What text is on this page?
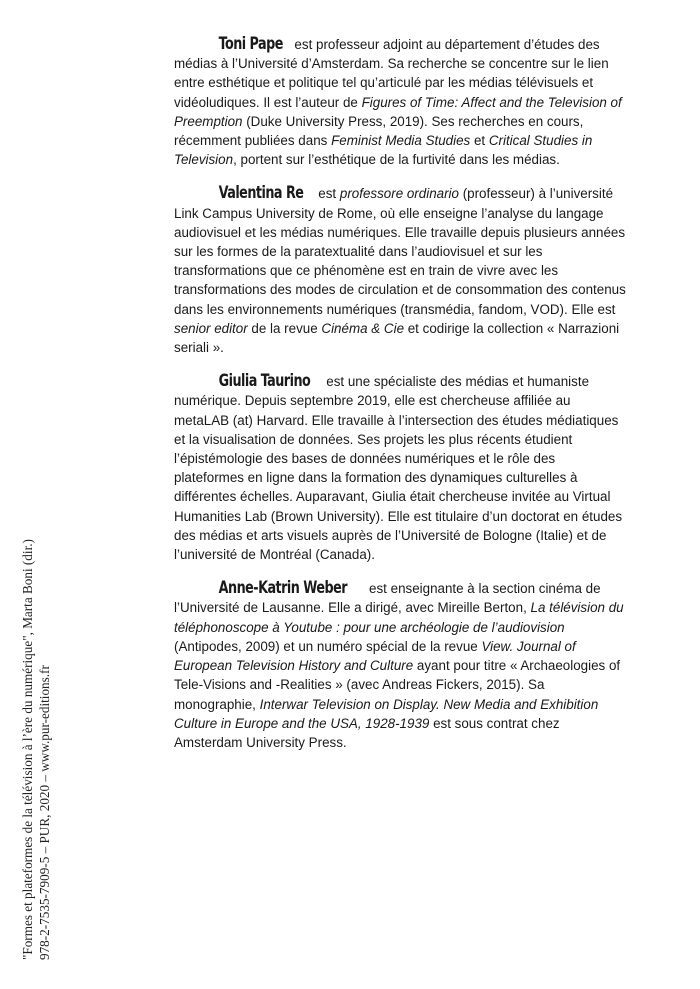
Toni Pape est professeur adjoint au département d’études des médias à l’Université d’Amsterdam. Sa recherche se concentre sur le lien entre esthétique et politique tel qu’articulé par les médias télévisuels et vidéoludiques. Il est l’auteur de Figures of Time: Affect and the Television of Preemption (Duke University Press, 2019). Ses recherches en cours, récemment publiées dans Feminist Media Studies et Critical Studies in Television, portent sur l’esthétique de la furtivité dans les médias.

Valentina Re est professore ordinario (professeur) à l’université Link Campus University de Rome, où elle enseigne l’analyse du langage audiovisuel et les médias numériques. Elle travaille depuis plusieurs années sur les formes de la paratextualité dans l’audiovisuel et sur les transformations que ce phénomène est en train de vivre avec les transformations des modes de circulation et de consommation des contenus dans les environnements numériques (transmédia, fandom, VOD). Elle est senior editor de la revue Cinéma & Cie et codirige la collection « Narrazioni seriali ».

Giulia Taurino est une spécialiste des médias et humaniste numérique. Depuis septembre 2019, elle est chercheuse affiliée au metaLAB (at) Harvard. Elle travaille à l’intersection des études médiatiques et la visualisation de données. Ses projets les plus récents étudient l’épistémologie des bases de données numériques et le rôle des plateformes en ligne dans la formation des dynamiques culturelles à différentes échelles. Auparavant, Giulia était chercheuse invitée au Virtual Humanities Lab (Brown University). Elle est titulaire d’un doctorat en études des médias et arts visuels auprès de l’Université de Bologne (Italie) et de l’université de Montréal (Canada).

Anne-Katrin Weber est enseignante à la section cinéma de l’Université de Lausanne. Elle a dirigé, avec Mireille Berton, La télévision du téléphonoscope à Youtube : pour une archéologie de l’audiovision (Antipodes, 2009) et un numéro spécial de la revue View. Journal of European Television History and Culture ayant pour titre « Archaeologies of Tele-Visions and -Realities » (avec Andreas Fickers, 2015). Sa monographie, Interwar Television on Display. New Media and Exhibition Culture in Europe and the USA, 1928-1939 est sous contrat chez Amsterdam University Press.

"Formes et plateformes de la télévision à l’ère du numérique", Marta Boni (dir.) 978-2-7535-7909-5 – PUR, 2020 – www.pur-editions.fr
